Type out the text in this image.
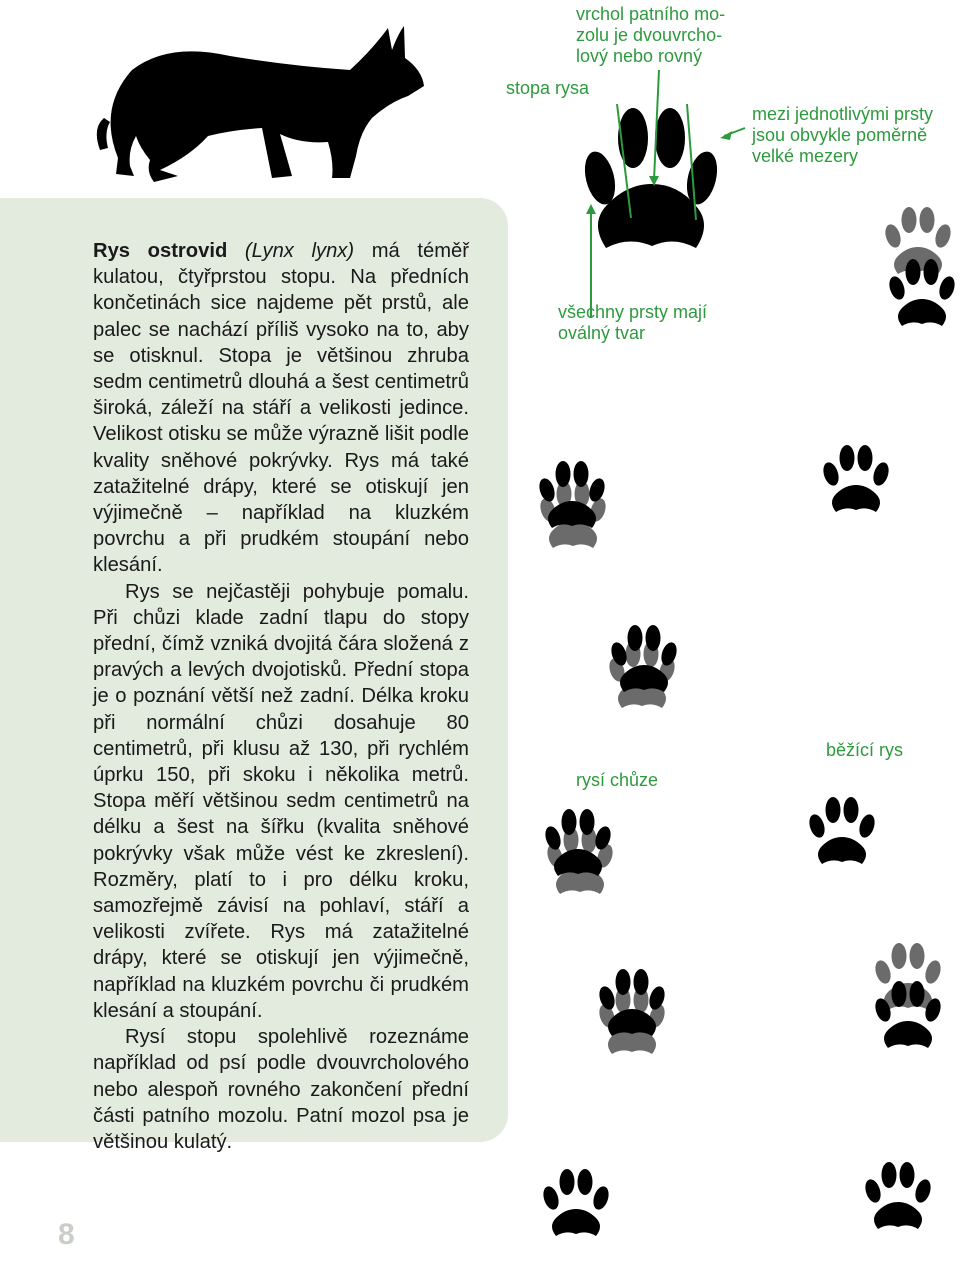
Rys ostrovid (Lynx lynx) má téměř kulatou, čtyřprstou stopu. Na předních končetinách sice najdeme pět prstů, ale palec se nachází příliš vysoko na to, aby se otisknul. Stopa je většinou zhruba sedm centimetrů dlouhá a šest centimetrů široká, záleží na stáří a velikosti jedince. Velikost otisku se může výrazně lišit podle kvality sněhové pokrývky. Rys má také zatažitelné drápy, které se otiskují jen výjimečně – například na kluzkém povrchu a při prudkém stoupání nebo klesání.

Rys se nejčastěji pohybuje pomalu. Při chůzi klade zadní tlapu do stopy přední, čímž vzniká dvojitá čára složená z pravých a levých dvojotisků. Přední stopa je o poznání větší než zadní. Délka kroku při normální chůzi dosahuje 80 centimetrů, při klusu až 130, při rychlém úprku 150, při skoku i několika metrů. Stopa měří většinou sedm centimetrů na délku a šest na šířku (kvalita sněhové pokrývky však může vést ke zkreslení). Rozměry, platí to i pro délku kroku, samozřejmě závisí na pohlaví, stáří a velikosti zvířete. Rys má zatažitelné drápy, které se otiskují jen výjimečně, například na kluzkém povrchu či prudkém klesání a stoupání.

Rysí stopu spolehlivě rozeznáme například od psí podle dvouvrcholového nebo alespoň rovného zakončení přední části patního mozolu. Patní mozol psa je většinou kulatý.

vrchol patního mo-
zolu je dvouvrcho-
lový nebo rovný
stopa rysa
mezi jednotlivými prsty
jsou obvykle poměrně
velké mezery
všechny prsty mají
oválný tvar
rysí chůze
běžící rys
8
